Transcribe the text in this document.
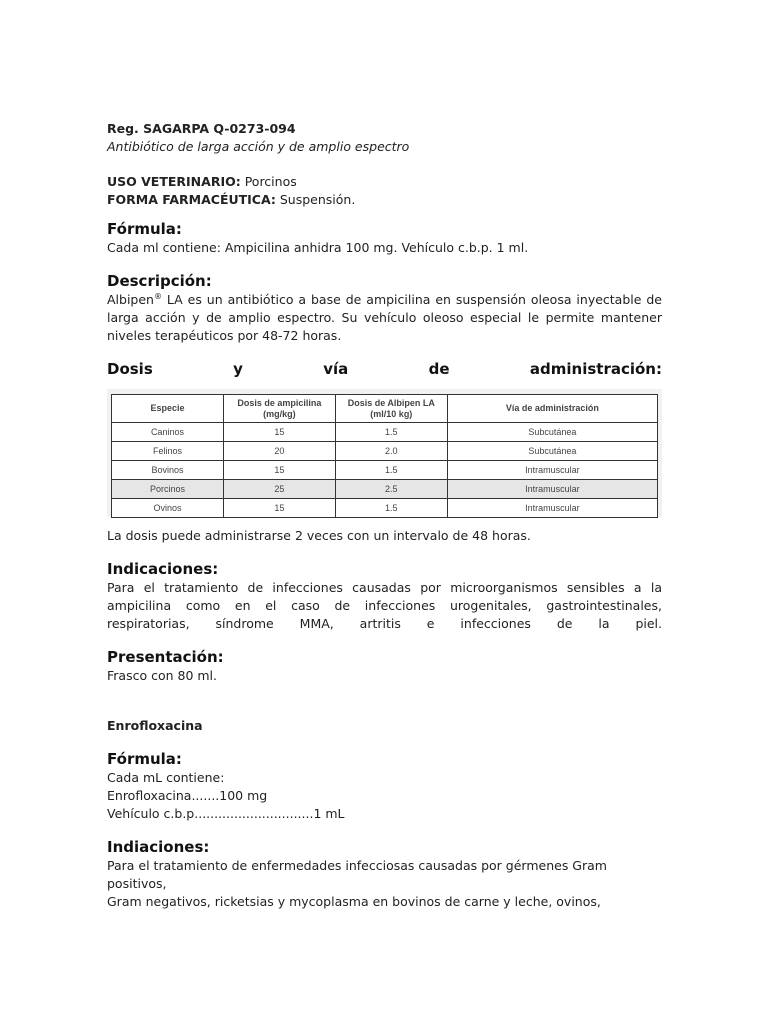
Reg. SAGARPA Q-0273-094

Antibiótico de larga acción y de amplio espectro

USO VETERINARIO: Porcinos

FORMA FARMACÉUTICA: Suspensión.

Fórmula:

Cada ml contiene: Ampicilina anhidra 100 mg. Vehículo c.b.p. 1 ml.

Descripción:

Albipen® LA es un antibiótico a base de ampicilina en suspensión oleosa inyectable de larga acción y de amplio espectro. Su vehículo oleoso especial le permite mantener niveles terapéuticos por 48-72 horas.

Dosis	y	vía	de	administración:
Especie	Dosis de ampicilina (mg/kg)	Dosis de Albipen LA (ml/10 kg)	Vía de administración
Caninos	15	1.5	Subcutánea
Felinos	20	2.0	Subcutánea
Bovinos	15	1.5	Intramuscular
Porcinos	25	2.5	Intramuscular
Ovinos	15	1.5	Intramuscular

La dosis puede administrarse 2 veces con un intervalo de 48 horas.

Indicaciones:

Para el tratamiento de infecciones causadas por microorganismos sensibles a la ampicilina como en el caso de infecciones urogenitales, gastrointestinales, respiratorias, síndrome MMA, artritis e infecciones de la piel.

Presentación:

Frasco con 80 ml.

Enrofloxacina

Fórmula:

Cada mL contiene:

Enrofloxacina.......100 mg

Vehículo c.b.p..............................1 mL

Indiaciones:

Para el tratamiento de enfermedades infecciosas causadas por gérmenes Gram positivos,

Gram negativos, ricketsias y mycoplasma en bovinos de carne y leche, ovinos,
